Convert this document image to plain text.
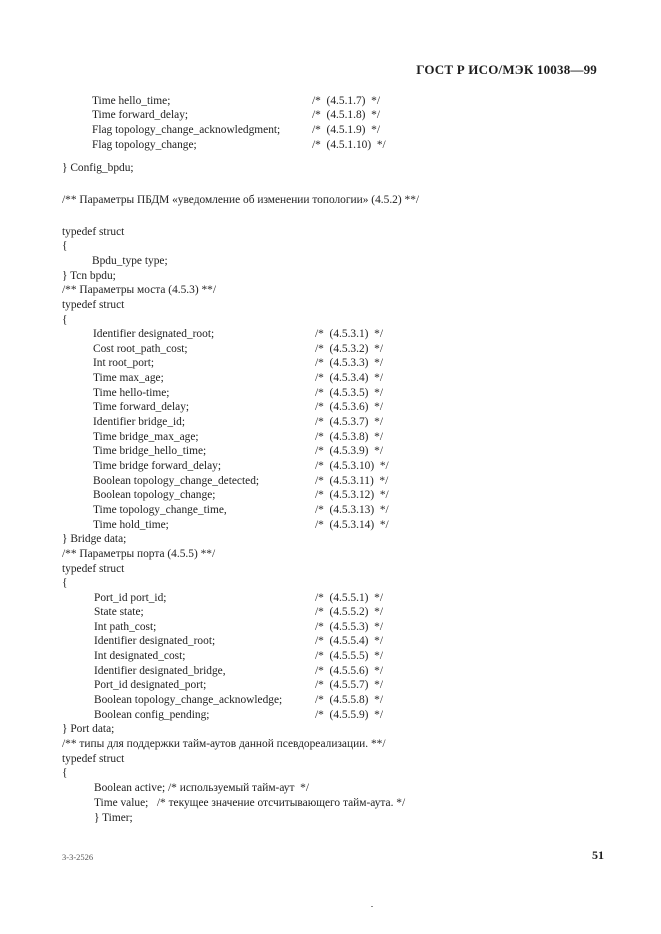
ГОСТ Р ИСО/МЭК 10038—99
Time hello_time;	/*  (4.5.1.7)  */
Time forward_delay;	/*  (4.5.1.8)  */
Flag topology_change_acknowledgment;	/*  (4.5.1.9)  */
Flag topology_change;	/*  (4.5.1.10)  */
} Config_bpdu;
/** Параметры ПБДМ «уведомление об изменении топологии» (4.5.2) **/
typedef struct
{
Bpdu_type type;
} Tcn bpdu;
/** Параметры моста (4.5.3) **/
typedef struct
{
Identifier designated_root;	/*  (4.5.3.1)  */
Cost root_path_cost;	/*  (4.5.3.2)  */
Int root_port;	/*  (4.5.3.3)  */
Time max_age;	/*  (4.5.3.4)  */
Time hello-time;	/*  (4.5.3.5)  */
Time forward_delay;	/*  (4.5.3.6)  */
Identifier bridge_id;	/*  (4.5.3.7)  */
Time bridge_max_age;	/*  (4.5.3.8)  */
Time bridge_hello_time;	/*  (4.5.3.9)  */
Time bridge forward_delay;	/*  (4.5.3.10)  */
Boolean topology_change_detected;	/*  (4.5.3.11)  */
Boolean topology_change;	/*  (4.5.3.12)  */
Time topology_change_time,	/*  (4.5.3.13)  */
Time hold_time;	/*  (4.5.3.14)  */
} Bridge data;
/** Параметры порта (4.5.5) **/
typedef struct
{
Port_id port_id;	/*  (4.5.5.1)  */
State state;	/*  (4.5.5.2)  */
Int path_cost;	/*  (4.5.5.3)  */
Identifier designated_root;	/*  (4.5.5.4)  */
Int designated_cost;	/*  (4.5.5.5)  */
Identifier designated_bridge,	/*  (4.5.5.6)  */
Port_id designated_port;	/*  (4.5.5.7)  */
Boolean topology_change_acknowledge;	/*  (4.5.5.8)  */
Boolean config_pending;	/*  (4.5.5.9)  */
} Port data;
/** типы для поддержки тайм-аутов данной псевдореализации. **/
typedef struct
{
Boolean active; /* используемый тайм-аут  */
Time value;   /* текущее значение отсчитывающего тайм-аута. */
} Timer;
3-3-2526	51
